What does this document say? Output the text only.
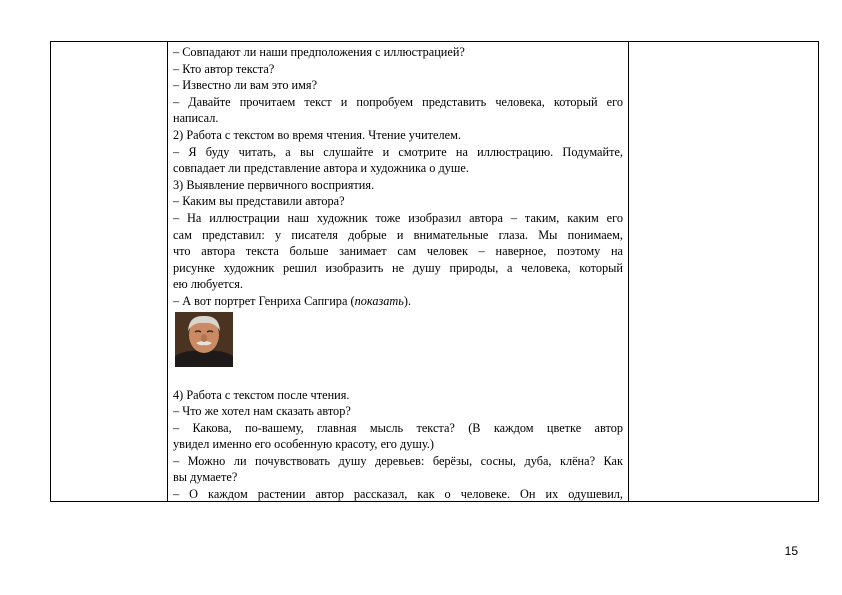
– Совпадают ли наши предположения с иллюстрацией?
– Кто автор текста?
– Известно ли вам это имя?
– Давайте прочитаем текст и попробуем представить человека, который его
написал.
2) Работа с текстом во время чтения. Чтение учителем.
– Я буду читать, а вы слушайте и смотрите на иллюстрацию. Подумайте,
совпадает ли представление автора и художника о душе.
3) Выявление первичного восприятия.
– Каким вы представили автора?
– На иллюстрации наш художник тоже изобразил автора – таким, каким его
сам представил: у писателя добрые и внимательные глаза. Мы понимаем,
что автора текста больше занимает сам человек – наверное, поэтому на
рисунке художник решил изобразить не душу природы, а человека, который
ею любуется.
– А вот портрет Генриха Сапгира (показать).
4) Работа с текстом после чтения.
– Что же хотел нам сказать автор?
– Какова, по-вашему, главная мысль текста? (В каждом цветке автор
увидел именно его особенную красоту, его душу.)
– Можно ли почувствовать душу деревьев: берёзы, сосны, дуба, клёна? Как
вы думаете?
– О каждом растении автор рассказал, как о человеке. Он их одушевил,
15
